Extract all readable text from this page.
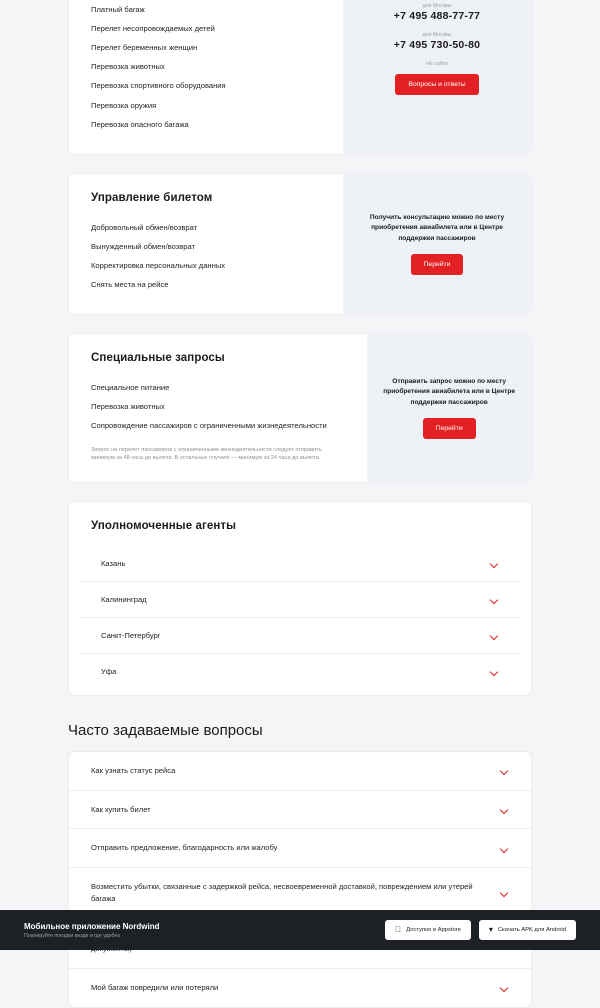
Платный багаж
Перелет несопровождаемых детей
Перелет беременных женщин
Перевозка животных
Перевозка спортивного оборудования
Перевозка оружия
Перевозка опасного багажа
для Москвы
+7 495 488-77-77
для Москвы
+7 495 730-50-80
На сайте
Вопросы и ответы
Управление билетом
Добровольный обмен/возврат
Вынужденный обмен/возврат
Корректировка персональных данных
Снять места на рейсе
Получить консультацию можно по месту приобретения авиабилета или в Центре поддержки пассажиров
Перейти
Специальные запросы
Специальное питание
Перевозка животных
Сопровождение пассажиров с ограниченными жизнедеятельности
Запрос на перелет пассажиров с ограниченными жизнедеятельности следует отправить минимум за 48 часа до вылета. В остальных случаях — минимум за 24 часа до вылета.
Отправить запрос можно по месту приобретения авиабилета или в Центре поддержки пассажиров
Перейти
Уполномоченные агенты
Казань
Калининград
Санкт-Петербург
Уфа
Часто задаваемые вопросы
Как узнать статус рейса
Как купить билет
Отправить предложение, благодарность или жалобу
Возместить убытки, связанные с задержкой рейса, несвоевременной доставкой, повреждением или утерей багажа
Мой багаж повредили или потеряли

Мобильное приложение Nordwind

Планируйте поездки везде и где удобно

Доступно в Appstore	▾ Скачать APK для Android
